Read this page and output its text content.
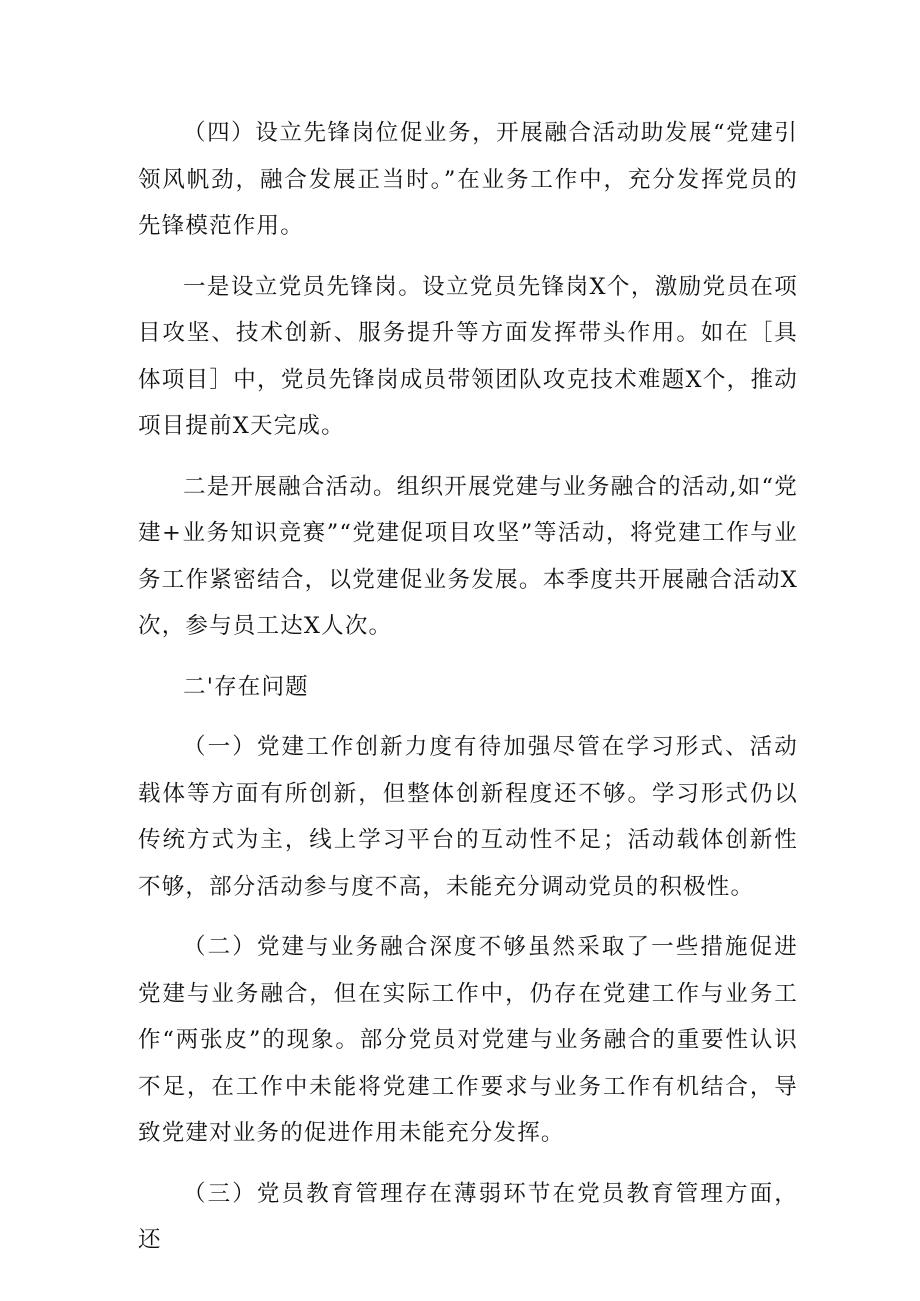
（四）设立先锋岗位促业务，开展融合活动助发展“党建引领风帆劲，融合发展正当时。”在业务工作中，充分发挥党员的先锋模范作用。

一是设立党员先锋岗。设立党员先锋岗X个，激励党员在项目攻坚、技术创新、服务提升等方面发挥带头作用。如在［具体项目］中，党员先锋岗成员带领团队攻克技术难题X个，推动项目提前X天完成。

二是开展融合活动。组织开展党建与业务融合的活动,如“党建+业务知识竞赛”“党建促项目攻坚”等活动，将党建工作与业务工作紧密结合，以党建促业务发展。本季度共开展融合活动X次，参与员工达X人次。

二'存在问题

（一）党建工作创新力度有待加强尽管在学习形式、活动载体等方面有所创新，但整体创新程度还不够。学习形式仍以传统方式为主，线上学习平台的互动性不足；活动载体创新性不够，部分活动参与度不高，未能充分调动党员的积极性。

（二）党建与业务融合深度不够虽然采取了一些措施促进党建与业务融合，但在实际工作中，仍存在党建工作与业务工作“两张皮”的现象。部分党员对党建与业务融合的重要性认识不足，在工作中未能将党建工作要求与业务工作有机结合，导致党建对业务的促进作用未能充分发挥。

（三）党员教育管理存在薄弱环节在党员教育管理方面，还
